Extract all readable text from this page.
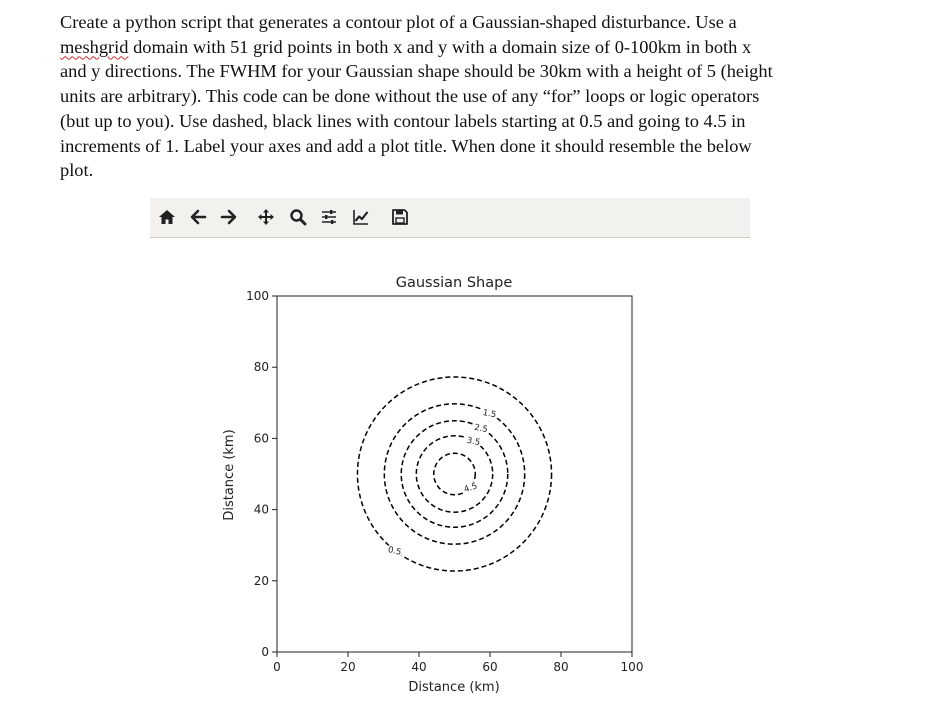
Create a python script that generates a contour plot of a Gaussian-shaped disturbance. Use a

meshgrid domain with 51 grid points in both x and y with a domain size of 0-100km in both x

and y directions. The FWHM for your Gaussian shape should be 30km with a height of 5 (height

units are arbitrary). This code can be done without the use of any “for” loops or logic operators

(but up to you). Use dashed, black lines with contour labels starting at 0.5 and going to 4.5 in

increments of 1. Label your axes and add a plot title. When done it should resemble the below

plot.

Gaussian Shape
Distance (km)
Distance (km)
0	20	40	60	80	100
0
20
40
60
80
100
0.5
1.5
2.5
3.5
4.5
